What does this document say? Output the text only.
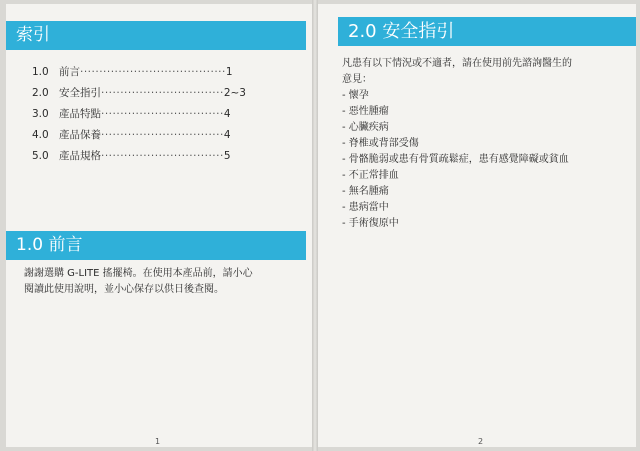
索引
1.0 前言 ······································ 1
2.0 安全指引 ································ 2~3
3.0 產品特點 ································ 4
4.0 產品保養 ································ 4
5.0 產品規格 ································ 5
1.0 前言
謝謝選購 G-LITE 搖擺椅。在使用本產品前，請小心
閱讀此使用說明，並小心保存以供日後查閱。
2.0 安全指引
凡患有以下情況或不適者，請在使用前先諮詢醫生的
意見：
- 懷孕
- 惡性腫瘤
- 心臟疾病
- 脊椎或背部受傷
- 骨骼脆弱或患有骨質疏鬆症，患有感覺障礙或貧血
- 不正常排血
- 無名腫痛
- 患病當中
- 手術復原中
1	2
